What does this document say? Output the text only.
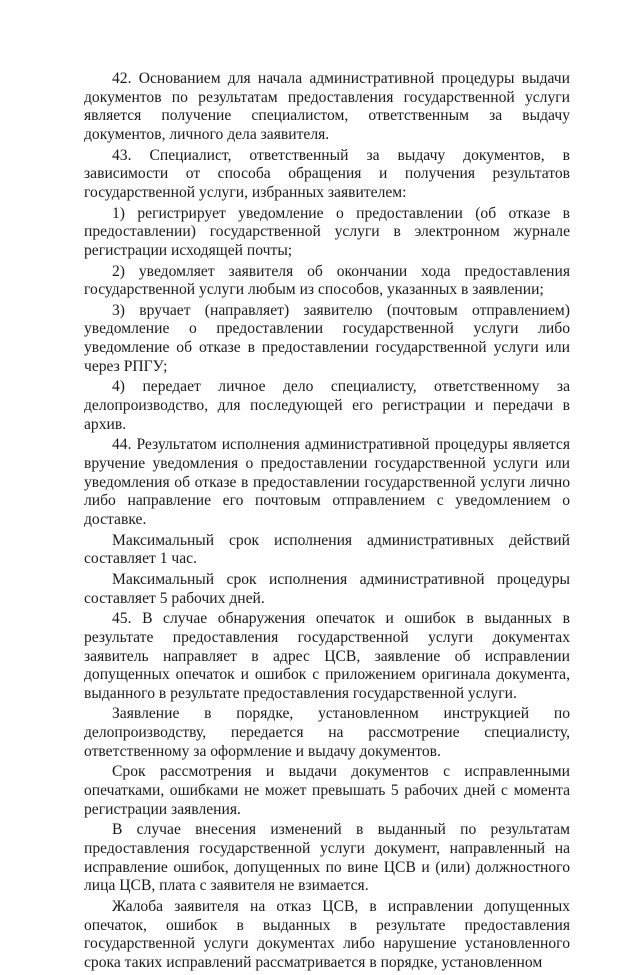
42. Основанием для начала административной процедуры выдачи документов по результатам предоставления государственной услуги является получение специалистом, ответственным за выдачу документов, личного дела заявителя.

43. Специалист, ответственный за выдачу документов, в зависимости от способа обращения и получения результатов государственной услуги, избранных заявителем:

1) регистрирует уведомление о предоставлении (об отказе в предоставлении) государственной услуги в электронном журнале регистрации исходящей почты;

2) уведомляет заявителя об окончании хода предоставления государственной услуги любым из способов, указанных в заявлении;

3) вручает (направляет) заявителю (почтовым отправлением) уведомление о предоставлении государственной услуги либо уведомление об отказе в предоставлении государственной услуги или через РПГУ;

4) передает личное дело специалисту, ответственному за делопроизводство, для последующей его регистрации и передачи в архив.

44. Результатом исполнения административной процедуры является вручение уведомления о предоставлении государственной услуги или уведомления об отказе в предоставлении государственной услуги лично либо направление его почтовым отправлением с уведомлением о доставке.

Максимальный срок исполнения административных действий составляет 1 час.

Максимальный срок исполнения административной процедуры составляет 5 рабочих дней.

45. В случае обнаружения опечаток и ошибок в выданных в результате предоставления государственной услуги документах заявитель направляет в адрес ЦСВ, заявление об исправлении допущенных опечаток и ошибок с приложением оригинала документа, выданного в результате предоставления государственной услуги.

Заявление в порядке, установленном инструкцией по делопроизводству, передается на рассмотрение специалисту, ответственному за оформление и выдачу документов.

Срок рассмотрения и выдачи документов с исправленными опечатками, ошибками не может превышать 5 рабочих дней с момента регистрации заявления.

В случае внесения изменений в выданный по результатам предоставления государственной услуги документ, направленный на исправление ошибок, допущенных по вине ЦСВ и (или) должностного лица ЦСВ, плата с заявителя не взимается.

Жалоба заявителя на отказ ЦСВ, в исправлении допущенных опечаток, ошибок в выданных в результате предоставления государственной услуги документах либо нарушение установленного срока таких исправлений рассматривается в порядке, установленном
